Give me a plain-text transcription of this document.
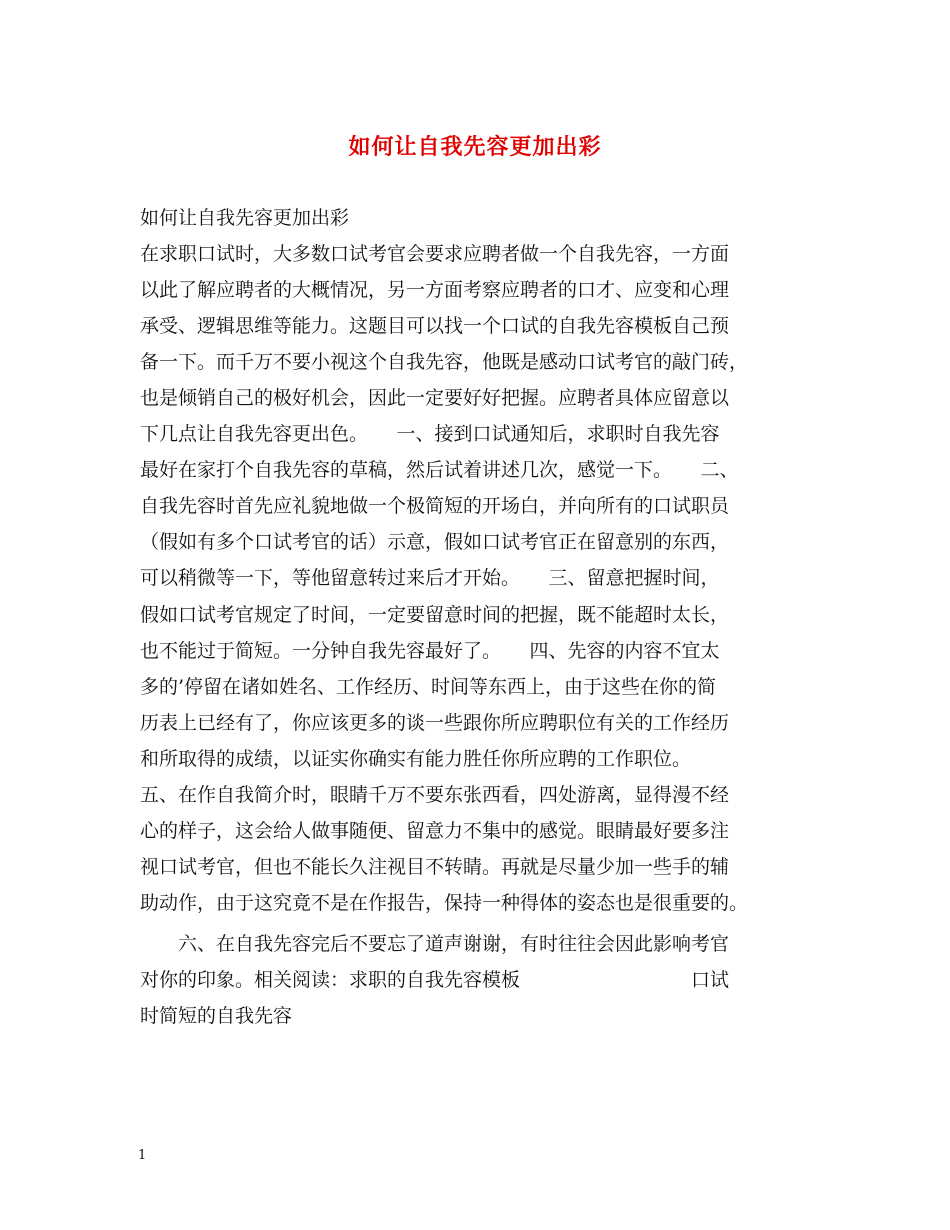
如何让自我先容更加出彩
如何让自我先容更加出彩
在求职口试时，大多数口试考官会要求应聘者做一个自我先容，一方面
以此了解应聘者的大概情况，另一方面考察应聘者的口才、应变和心理
承受、逻辑思维等能力。这题目可以找一个口试的自我先容模板自己预
备一下。而千万不要小视这个自我先容，他既是感动口试考官的敲门砖，
也是倾销自己的极好机会，因此一定要好好把握。应聘者具体应留意以
下几点让自我先容更出色。　　一、接到口试通知后，求职时自我先容
最好在家打个自我先容的草稿，然后试着讲述几次，感觉一下。　　二、
自我先容时首先应礼貌地做一个极简短的开场白，并向所有的口试职员
（假如有多个口试考官的话）示意，假如口试考官正在留意别的东西，
可以稍微等一下，等他留意转过来后才开始。　　三、留意把握时间，
假如口试考官规定了时间，一定要留意时间的把握，既不能超时太长，
也不能过于简短。一分钟自我先容最好了。　　四、先容的内容不宜太
多的’停留在诸如姓名、工作经历、时间等东西上，由于这些在你的简
历表上已经有了，你应该更多的谈一些跟你所应聘职位有关的工作经历
和所取得的成绩，以证实你确实有能力胜任你所应聘的工作职位。
五、在作自我简介时，眼睛千万不要东张西看，四处游离，显得漫不经
心的样子，这会给人做事随便、留意力不集中的感觉。眼睛最好要多注
视口试考官，但也不能长久注视目不转睛。再就是尽量少加一些手的辅
助动作，由于这究竟不是在作报告，保持一种得体的姿态也是很重要的。
　　六、在自我先容完后不要忘了道声谢谢，有时往往会因此影响考官
对你的印象。相关阅读：求职的自我先容模板　　　　　　　　　口试
时简短的自我先容
1
